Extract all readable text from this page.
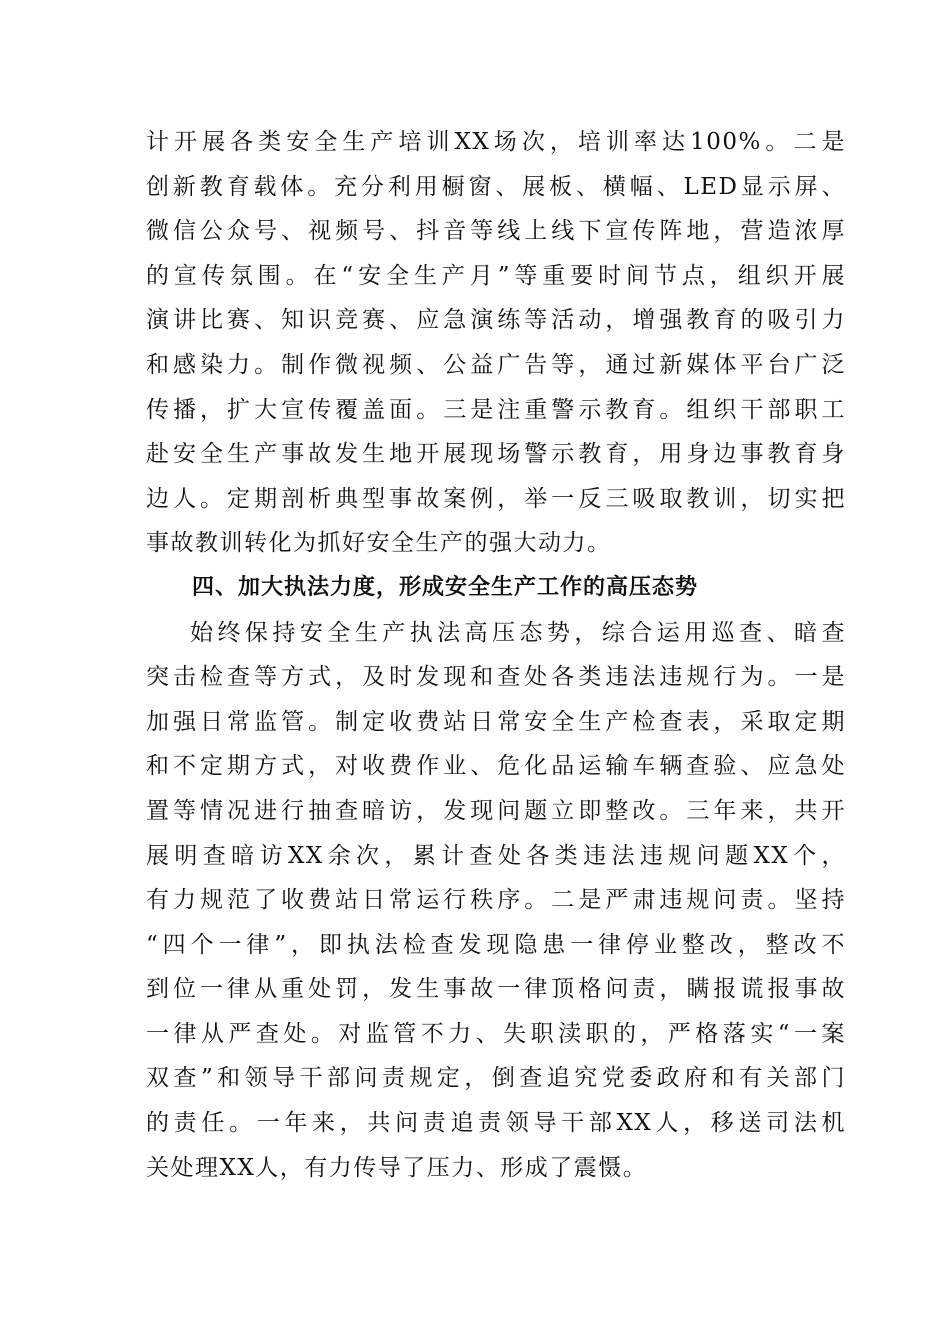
计开展各类安全生产培训XX场次，培训率达100%。二是
创新教育载体。充分利用橱窗、展板、横幅、LED显示屏、
微信公众号、视频号、抖音等线上线下宣传阵地，营造浓厚
的宣传氛围。在“安全生产月”等重要时间节点，组织开展
演讲比赛、知识竞赛、应急演练等活动，增强教育的吸引力
和感染力。制作微视频、公益广告等，通过新媒体平台广泛
传播，扩大宣传覆盖面。三是注重警示教育。组织干部职工
赴安全生产事故发生地开展现场警示教育，用身边事教育身
边人。定期剖析典型事故案例，举一反三吸取教训，切实把
事故教训转化为抓好安全生产的强大动力。
四、加大执法力度，形成安全生产工作的高压态势
始终保持安全生产执法高压态势，综合运用巡查、暗查
突击检查等方式，及时发现和查处各类违法违规行为。一是
加强日常监管。制定收费站日常安全生产检查表，采取定期
和不定期方式，对收费作业、危化品运输车辆查验、应急处
置等情况进行抽查暗访，发现问题立即整改。三年来，共开
展明查暗访XX余次，累计查处各类违法违规问题XX个，
有力规范了收费站日常运行秩序。二是严肃违规问责。坚持
“四个一律”，即执法检查发现隐患一律停业整改，整改不
到位一律从重处罚，发生事故一律顶格问责，瞒报谎报事故
一律从严查处。对监管不力、失职渎职的，严格落实“一案
双查”和领导干部问责规定，倒查追究党委政府和有关部门
的责任。一年来，共问责追责领导干部XX人，移送司法机
关处理XX人，有力传导了压力、形成了震慑。
